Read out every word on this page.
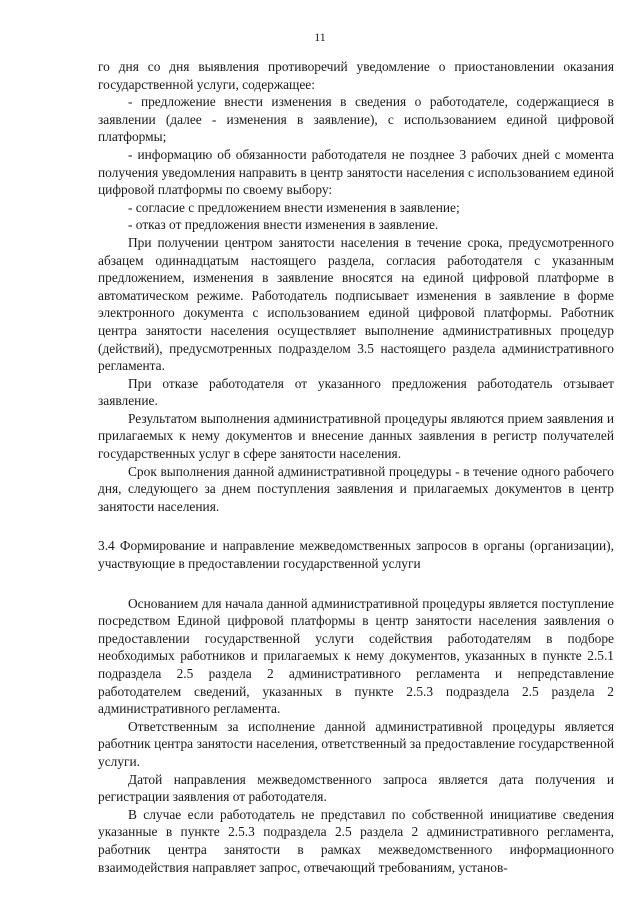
11

го дня со дня выявления противоречий уведомление о приостановлении оказания государственной услуги, содержащее:

- предложение внести изменения в сведения о работодателе, содержащиеся в заявлении (далее - изменения в заявление), с использованием единой цифровой платформы;

- информацию об обязанности работодателя не позднее 3 рабочих дней с момента получения уведомления направить в центр занятости населения с использованием единой цифровой платформы по своему выбору:

- согласие с предложением внести изменения в заявление;

- отказ от предложения внести изменения в заявление.

При получении центром занятости населения в течение срока, предусмотренного абзацем одиннадцатым настоящего раздела, согласия работодателя с указанным предложением, изменения в заявление вносятся на единой цифровой платформе в автоматическом режиме. Работодатель подписывает изменения в заявление в форме электронного документа с использованием единой цифровой платформы. Работник центра занятости населения осуществляет выполнение административных процедур (действий), предусмотренных подразделом 3.5 настоящего раздела административного регламента.

При отказе работодателя от указанного предложения работодатель отзывает заявление.

Результатом выполнения административной процедуры являются прием заявления и прилагаемых к нему документов и внесение данных заявления в регистр получателей государственных услуг в сфере занятости населения.

Срок выполнения данной административной процедуры - в течение одного рабочего дня, следующего за днем поступления заявления и прилагаемых документов в центр занятости населения.

3.4 Формирование и направление межведомственных запросов в органы (организации), участвующие в предоставлении государственной услуги

Основанием для начала данной административной процедуры является поступление посредством Единой цифровой платформы в центр занятости населения заявления о предоставлении государственной услуги содействия работодателям в подборе необходимых работников и прилагаемых к нему документов, указанных в пункте 2.5.1 подраздела 2.5 раздела 2 административного регламента и непредставление работодателем сведений, указанных в пункте 2.5.3 подраздела 2.5 раздела 2 административного регламента.

Ответственным за исполнение данной административной процедуры является работник центра занятости населения, ответственный за предоставление государственной услуги.

Датой направления межведомственного запроса является дата получения и регистрации заявления от работодателя.

В случае если работодатель не представил по собственной инициативе сведения указанные в пункте 2.5.3 подраздела 2.5 раздела 2 административного регламента, работник центра занятости в рамках межведомственного информационного взаимодействия направляет запрос, отвечающий требованиям, установ-
